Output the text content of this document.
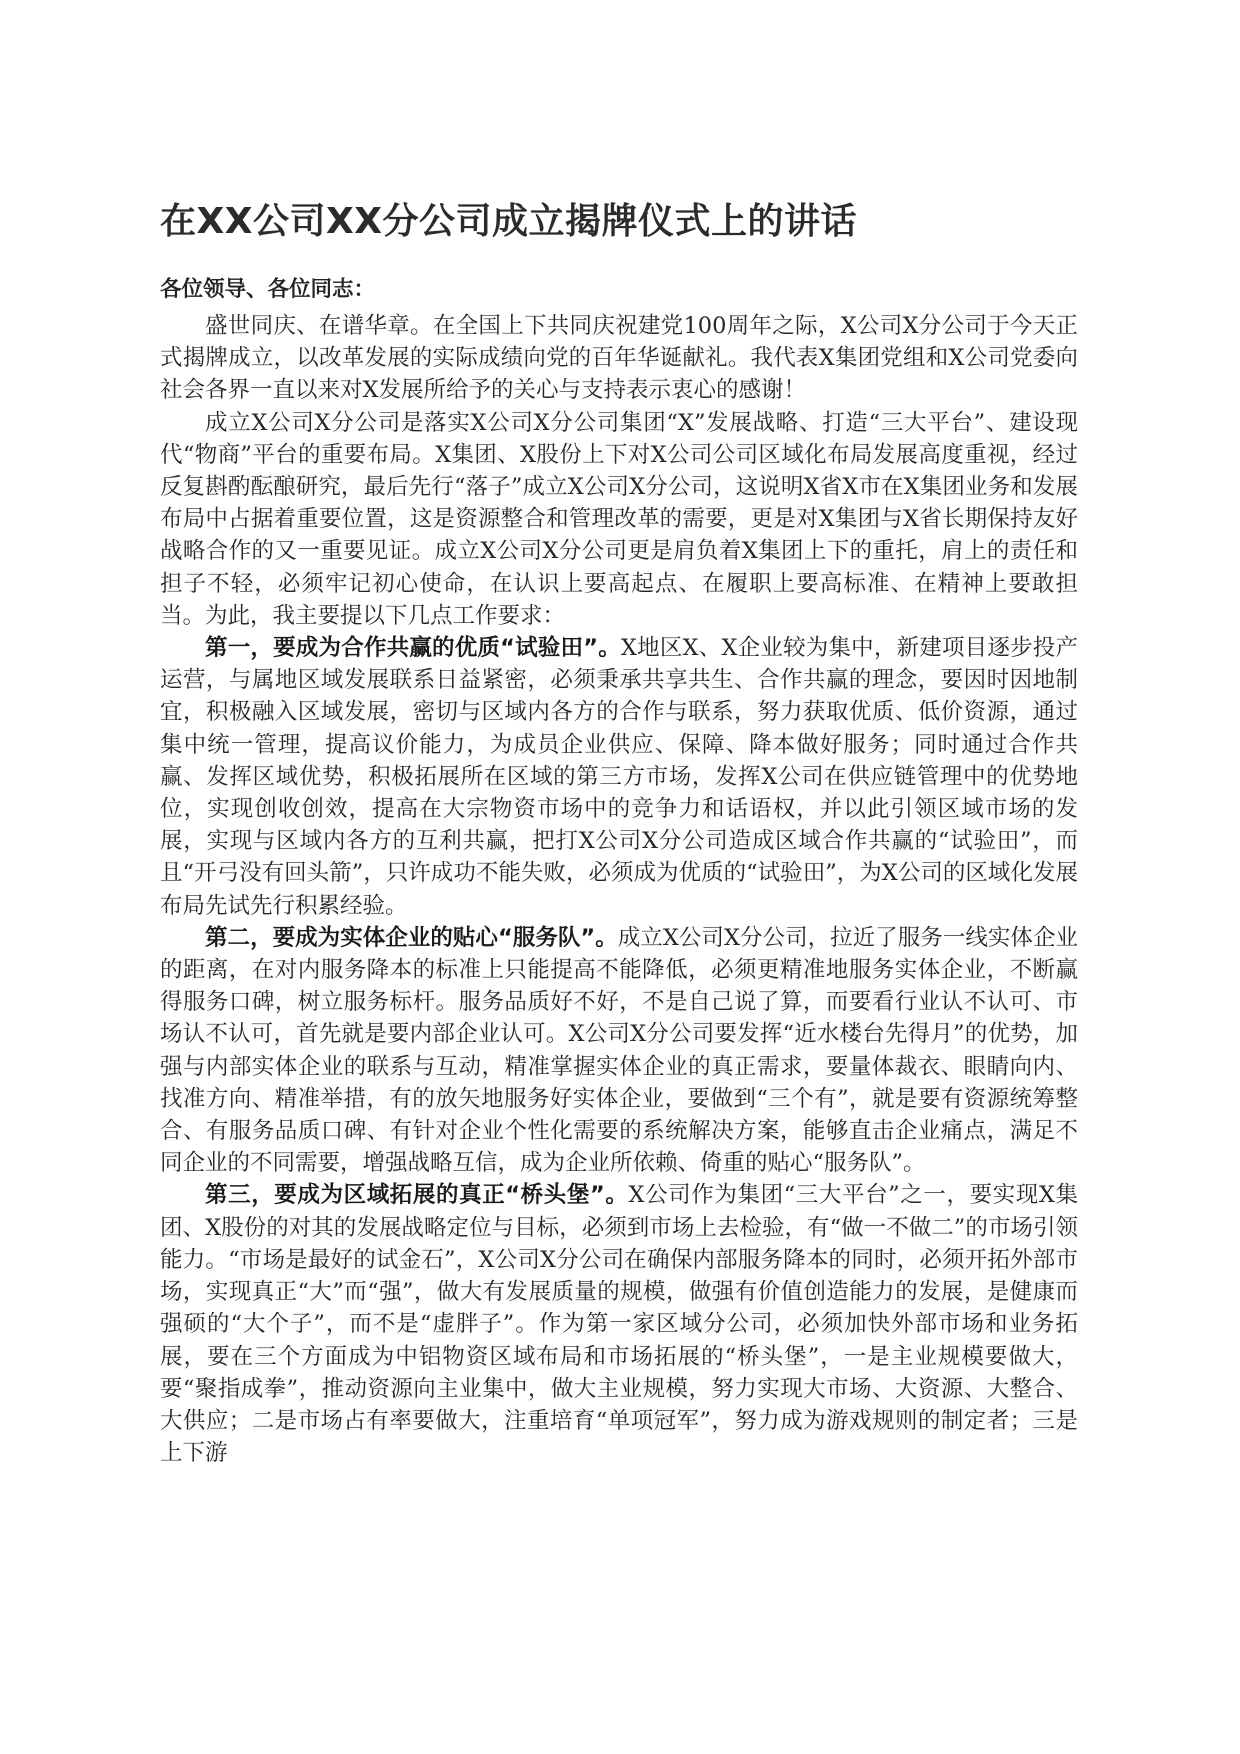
在XX公司XX分公司成立揭牌仪式上的讲话

各位领导、各位同志：

盛世同庆、在谱华章。在全国上下共同庆祝建党100周年之际，X公司X分公司于今天正式揭牌成立，以改革发展的实际成绩向党的百年华诞献礼。我代表X集团党组和X公司党委向社会各界一直以来对X发展所给予的关心与支持表示衷心的感谢！

成立X公司X分公司是落实X公司X分公司集团“X”发展战略、打造“三大平台”、建设现代“物商”平台的重要布局。X集团、X股份上下对X公司公司区域化布局发展高度重视，经过反复斟酌酝酿研究，最后先行“落子”成立X公司X分公司，这说明X省X市在X集团业务和发展布局中占据着重要位置，这是资源整合和管理改革的需要，更是对X集团与X省长期保持友好战略合作的又一重要见证。成立X公司X分公司更是肩负着X集团上下的重托，肩上的责任和担子不轻，必须牢记初心使命，在认识上要高起点、在履职上要高标准、在精神上要敢担当。为此，我主要提以下几点工作要求：

第一，要成为合作共赢的优质“试验田”。X地区X、X企业较为集中，新建项目逐步投产运营，与属地区域发展联系日益紧密，必须秉承共享共生、合作共赢的理念，要因时因地制宜，积极融入区域发展，密切与区域内各方的合作与联系，努力获取优质、低价资源，通过集中统一管理，提高议价能力，为成员企业供应、保障、降本做好服务；同时通过合作共赢、发挥区域优势，积极拓展所在区域的第三方市场，发挥X公司在供应链管理中的优势地位，实现创收创效，提高在大宗物资市场中的竞争力和话语权，并以此引领区域市场的发展，实现与区域内各方的互利共赢，把打X公司X分公司造成区域合作共赢的“试验田”，而且“开弓没有回头箭”，只许成功不能失败，必须成为优质的“试验田”，为X公司的区域化发展布局先试先行积累经验。

第二，要成为实体企业的贴心“服务队”。成立X公司X分公司，拉近了服务一线实体企业的距离，在对内服务降本的标准上只能提高不能降低，必须更精准地服务实体企业，不断赢得服务口碑，树立服务标杆。服务品质好不好，不是自己说了算，而要看行业认不认可、市场认不认可，首先就是要内部企业认可。X公司X分公司要发挥“近水楼台先得月”的优势，加强与内部实体企业的联系与互动，精准掌握实体企业的真正需求，要量体裁衣、眼睛向内、找准方向、精准举措，有的放矢地服务好实体企业，要做到“三个有”，就是要有资源统筹整合、有服务品质口碑、有针对企业个性化需要的系统解决方案，能够直击企业痛点，满足不同企业的不同需要，增强战略互信，成为企业所依赖、倚重的贴心“服务队”。

第三，要成为区域拓展的真正“桥头堡”。X公司作为集团“三大平台”之一，要实现X集团、X股份的对其的发展战略定位与目标，必须到市场上去检验，有“做一不做二”的市场引领能力。“市场是最好的试金石”，X公司X分公司在确保内部服务降本的同时，必须开拓外部市场，实现真正“大”而“强”，做大有发展质量的规模，做强有价值创造能力的发展，是健康而强硕的“大个子”，而不是“虚胖子”。作为第一家区域分公司，必须加快外部市场和业务拓展，要在三个方面成为中铝物资区域布局和市场拓展的“桥头堡”，一是主业规模要做大，要“聚指成拳”，推动资源向主业集中，做大主业规模，努力实现大市场、大资源、大整合、大供应；二是市场占有率要做大，注重培育“单项冠军”，努力成为游戏规则的制定者；三是上下游
